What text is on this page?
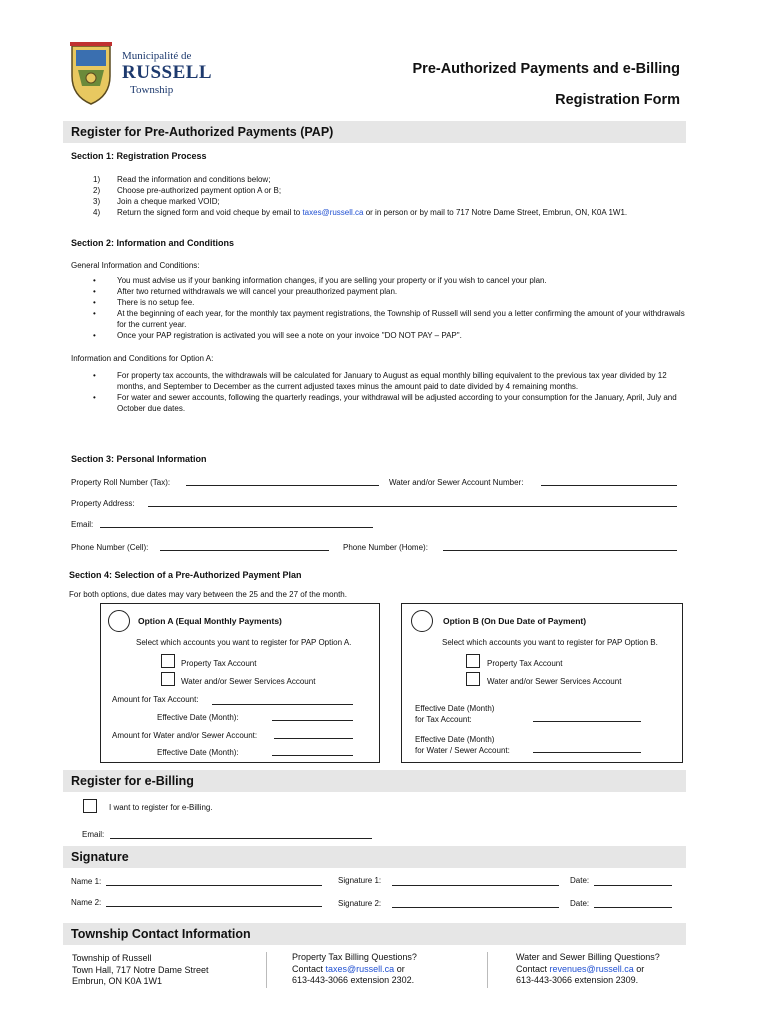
Municipalité de
RUSSELL
Township
Pre-Authorized Payments and e-Billing
Registration Form
Register for Pre-Authorized Payments (PAP)
Section 1: Registration Process
1)	Read the information and conditions below;
2)	Choose pre-authorized payment option A or B;
3)	Join a cheque marked VOID;
4)	Return the signed form and void cheque by email to taxes@russell.ca or in person or by mail to 717 Notre Dame Street, Embrun, ON, K0A 1W1.
Section 2: Information and Conditions
General Information and Conditions:
•	You must advise us if your banking information changes, if you are selling your property or if you wish to cancel your plan.
•	After two returned withdrawals we will cancel your preauthorized payment plan.
•	There is no setup fee.
•	At the beginning of each year, for the monthly tax payment registrations, the Township of Russell will send you a letter confirming the amount of your withdrawals for the current year.
•	Once your PAP registration is activated you will see a note on your invoice "DO NOT PAY – PAP".
Information and Conditions for Option A:
•	For property tax accounts, the withdrawals will be calculated for January to August as equal monthly billing equivalent to the previous tax year divided by 12 months, and September to December as the current adjusted taxes minus the amount paid to date divided by 4 remaining months.
•	For water and sewer accounts, following the quarterly readings, your withdrawal will be adjusted according to your consumption for the January, April, July and October due dates.
Section 3: Personal Information
Property Roll Number (Tax):	Water and/or Sewer Account Number:
Property Address:
Email:
Phone Number (Cell):	Phone Number (Home):
Section 4: Selection of a Pre-Authorized Payment Plan
For both options, due dates may vary between the 25 and the 27 of the month.
Option A (Equal Monthly Payments)
Select which accounts you want to register for PAP Option A.
Property Tax Account
Water and/or Sewer Services Account
Amount for Tax Account:
Effective Date (Month):
Amount for Water and/or Sewer Account:
Effective Date (Month):
Option B (On Due Date of Payment)
Select which accounts you want to register for PAP Option B.
Property Tax Account
Water and/or Sewer Services Account
Effective Date (Month)
for Tax Account:
Effective Date (Month)
for Water / Sewer Account:
Register for e-Billing
I want to register for e-Billing.
Email:
Signature
Name 1:	Signature 1:	Date:
Name 2:	Signature 2:	Date:
Township Contact Information
Township of Russell
Town Hall, 717 Notre Dame Street
Embrun, ON K0A 1W1
Property Tax Billing Questions?
Contact taxes@russell.ca or
613-443-3066 extension 2302.
Water and Sewer Billing Questions?
Contact revenues@russell.ca or
613-443-3066 extension 2309.
